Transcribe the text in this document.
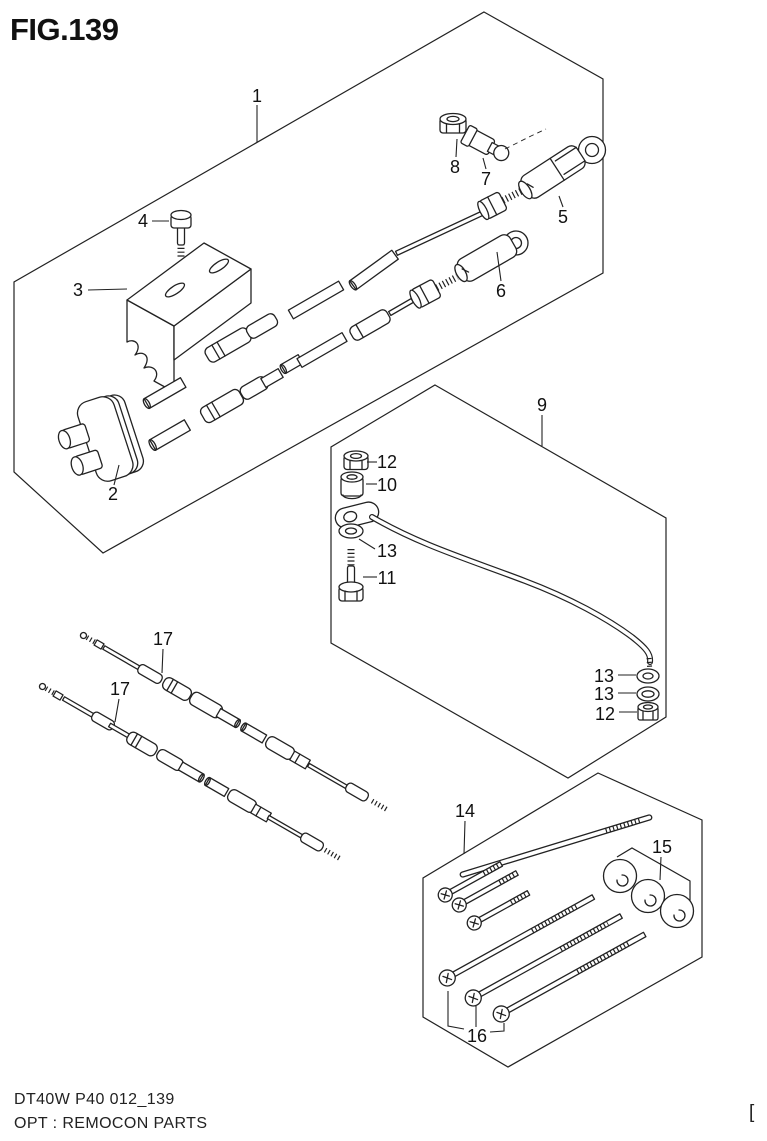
FIG.139
1
4
3
2
8
7
5
6
9
12
10
13
11
13
13
12
17
17
14
15
16
DT40W P40 012_139
OPT : REMOCON PARTS
[
